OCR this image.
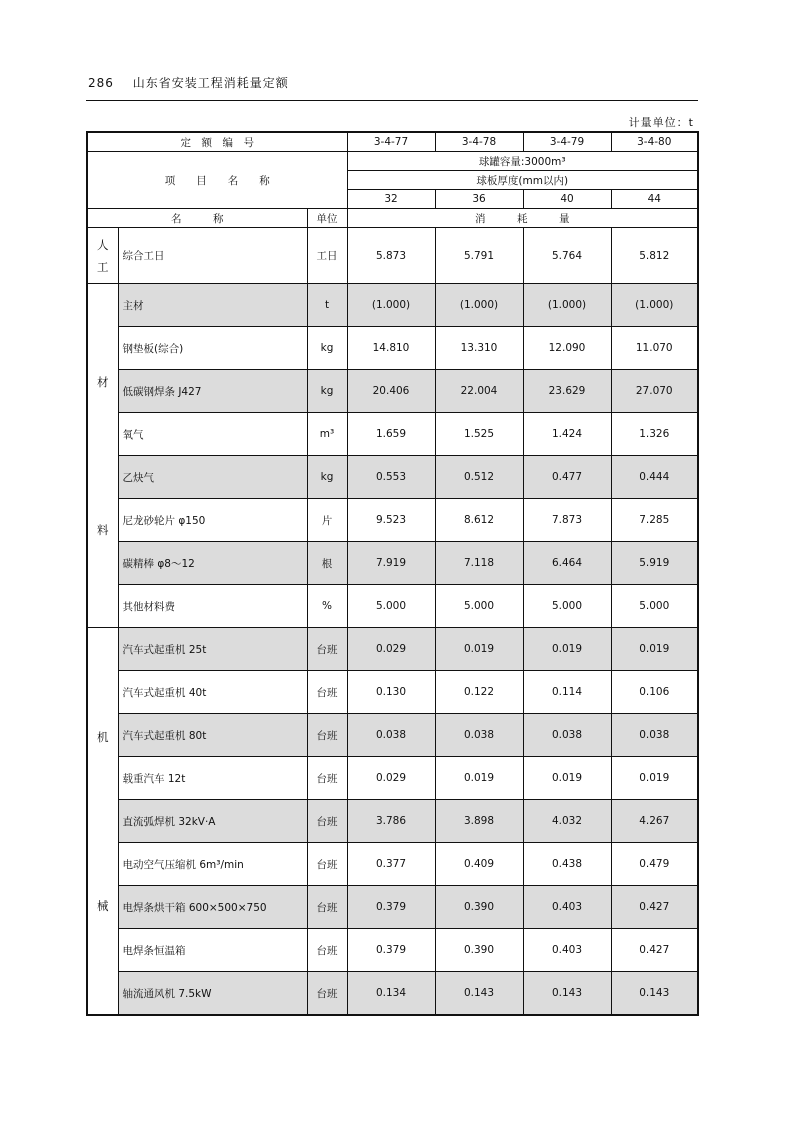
286 山东省安装工程消耗量定额
计量单位：t
定　额　编　号			3-4-77	3-4-78	3-4-79	3-4-80
项　　目　　名　　称			球罐容量:3000m³			
			球板厚度(mm以内)			
			32	36	40	44
名　　　称		单位	消　　　耗　　　量			

人
工	综合工日	工日	5.873	5.791	5.764	5.812

材
料	主材	t	(1.000)	(1.000)	(1.000)	(1.000)
	钢垫板(综合)	kg	14.810	13.310	12.090	11.070
	低碳钢焊条 J427	kg	20.406	22.004	23.629	27.070
	氧气	m³	1.659	1.525	1.424	1.326
	乙炔气	kg	0.553	0.512	0.477	0.444
	尼龙砂轮片 φ150	片	9.523	8.612	7.873	7.285
	碳精棒 φ8～12	根	7.919	7.118	6.464	5.919
	其他材料费	%	5.000	5.000	5.000	5.000

机
械	汽车式起重机 25t	台班	0.029	0.019	0.019	0.019
	汽车式起重机 40t	台班	0.130	0.122	0.114	0.106
	汽车式起重机 80t	台班	0.038	0.038	0.038	0.038
	载重汽车 12t	台班	0.029	0.019	0.019	0.019
	直流弧焊机 32kV·A	台班	3.786	3.898	4.032	4.267
	电动空气压缩机 6m³/min	台班	0.377	0.409	0.438	0.479
	电焊条烘干箱 600×500×750	台班	0.379	0.390	0.403	0.427
	电焊条恒温箱	台班	0.379	0.390	0.403	0.427
	轴流通风机 7.5kW	台班	0.134	0.143	0.143	0.143
